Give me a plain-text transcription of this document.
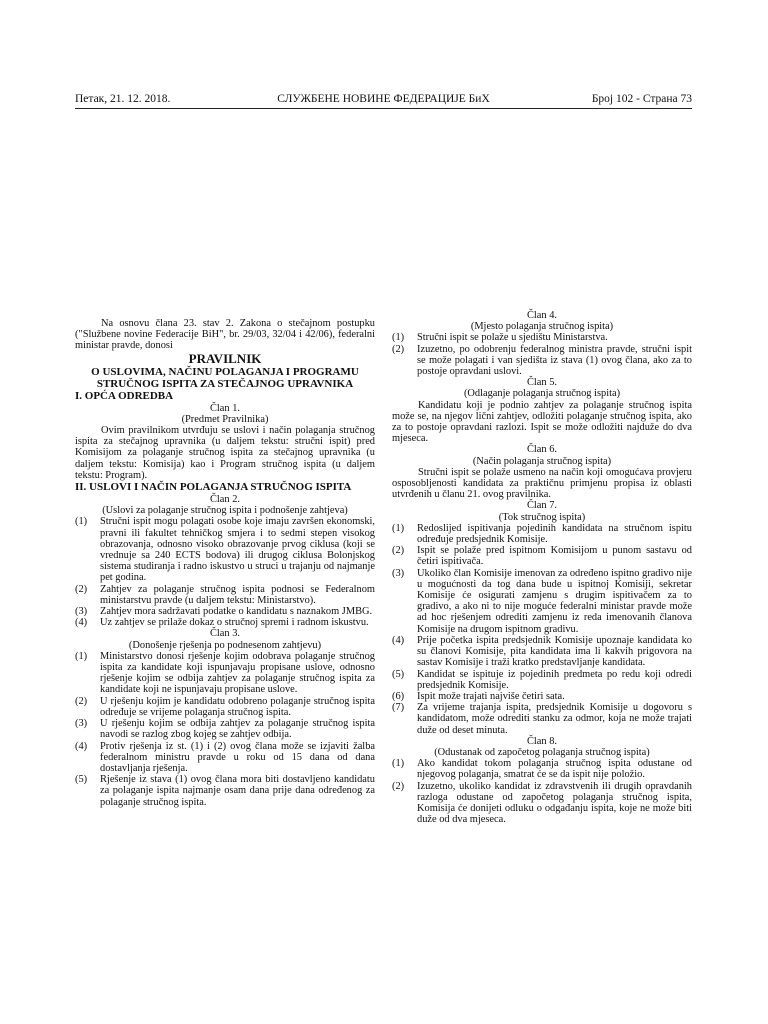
Петак, 21. 12. 2018.	СЛУЖБЕНЕ НОВИНЕ ФЕДЕРАЦИЈЕ БиХ	Број 102 - Страна 73

Na osnovu člana 23. stav 2. Zakona o stečajnom postupku ("Službene novine Federacije BiH", br. 29/03, 32/04 i 42/06), federalni ministar pravde, donosi

PRAVILNIK

O USLOVIMA, NAČINU POLAGANJA I PROGRAMU STRUČNOG ISPITA ZA STEČAJNOG UPRAVNIKA

I. OPĆA ODREDBA

Član 1.

(Predmet Pravilnika)

Ovim pravilnikom utvrđuju se uslovi i način polaganja stručnog ispita za stečajnog upravnika (u daljem tekstu: stručni ispit) pred Komisijom za polaganje stručnog ispita za stečajnog upravnika (u daljem tekstu: Komisija) kao i Program stručnog ispita (u daljem tekstu: Program).

II. USLOVI I NAČIN POLAGANJA STRUČNOG ISPITA

Član 2.

(Uslovi za polaganje stručnog ispita i podnošenje zahtjeva)

(1)	Stručni ispit mogu polagati osobe koje imaju završen ekonomski, pravni ili fakultet tehničkog smjera i to sedmi stepen visokog obrazovanja, odnosno visoko obrazovanje prvog ciklusa (koji se vrednuje sa 240 ECTS bodova) ili drugog ciklusa Bolonjskog sistema studiranja i radno iskustvo u struci u trajanju od najmanje pet godina.
(2)	Zahtjev za polaganje stručnog ispita podnosi se Federalnom ministarstvu pravde (u daljem tekstu: Ministarstvo).
(3)	Zahtjev mora sadržavati podatke o kandidatu s naznakom JMBG.
(4)	Uz zahtjev se prilaže dokaz o stručnoj spremi i radnom iskustvu.

Član 3.

(Donošenje rješenja po podnesenom zahtjevu)

(1)	Ministarstvo donosi rješenje kojim odobrava polaganje stručnog ispita za kandidate koji ispunjavaju propisane uslove, odnosno rješenje kojim se odbija zahtjev za polaganje stručnog ispita za kandidate koji ne ispunjavaju propisane uslove.
(2)	U rješenju kojim je kandidatu odobreno polaganje stručnog ispita određuje se vrijeme polaganja stručnog ispita.
(3)	U rješenju kojim se odbija zahtjev za polaganje stručnog ispita navodi se razlog zbog kojeg se zahtjev odbija.
(4)	Protiv rješenja iz st. (1) i (2) ovog člana može se izjaviti žalba federalnom ministru pravde u roku od 15 dana od dana dostavljanja rješenja.
(5)	Rješenje iz stava (1) ovog člana mora biti dostavljeno kandidatu za polaganje ispita najmanje osam dana prije dana određenog za polaganje stručnog ispita.

Član 4.

(Mjesto polaganja stručnog ispita)

(1)	Stručni ispit se polaže u sjedištu Ministarstva.
(2)	Izuzetno, po odobrenju federalnog ministra pravde, stručni ispit se može polagati i van sjedišta iz stava (1) ovog člana, ako za to postoje opravdani uslovi.

Član 5.

(Odlaganje polaganja stručnog ispita)

Kandidatu koji je podnio zahtjev za polaganje stručnog ispita može se, na njegov lični zahtjev, odložiti polaganje stručnog ispita, ako za to postoje opravdani razlozi. Ispit se može odložiti najduže do dva mjeseca.

Član 6.

(Način polaganja stručnog ispita)

Stručni ispit se polaže usmeno na način koji omogućava provjeru osposobljenosti kandidata za praktičnu primjenu propisa iz oblasti utvrđenih u članu 21. ovog pravilnika.

Član 7.

(Tok stručnog ispita)

(1)	Redoslijed ispitivanja pojedinih kandidata na stručnom ispitu određuje predsjednik Komisije.
(2)	Ispit se polaže pred ispitnom Komisijom u punom sastavu od četiri ispitivača.
(3)	Ukoliko član Komisije imenovan za određeno ispitno gradivo nije u mogućnosti da tog dana bude u ispitnoj Komisiji, sekretar Komisije će osigurati zamjenu s drugim ispitivačem za to gradivo, a ako ni to nije moguće federalni ministar pravde može ad hoc rješenjem odrediti zamjenu iz reda imenovanih članova Komisije na drugom ispitnom gradivu.
(4)	Prije početka ispita predsjednik Komisije upoznaje kandidata ko su članovi Komisije, pita kandidata ima li kakvih prigovora na sastav Komisije i traži kratko predstavljanje kandidata.
(5)	Kandidat se ispituje iz pojedinih predmeta po redu koji odredi predsjednik Komisije.
(6)	Ispit može trajati najviše četiri sata.
(7)	Za vrijeme trajanja ispita, predsjednik Komisije u dogovoru s kandidatom, može odrediti stanku za odmor, koja ne može trajati duže od deset minuta.

Član 8.

(Odustanak od započetog polaganja stručnog ispita)

(1)	Ako kandidat tokom polaganja stručnog ispita odustane od njegovog polaganja, smatrat će se da ispit nije položio.
(2)	Izuzetno, ukoliko kandidat iz zdravstvenih ili drugih opravdanih razloga odustane od započetog polaganja stručnog ispita, Komisija će donijeti odluku o odgađanju ispita, koje ne može biti duže od dva mjeseca.
